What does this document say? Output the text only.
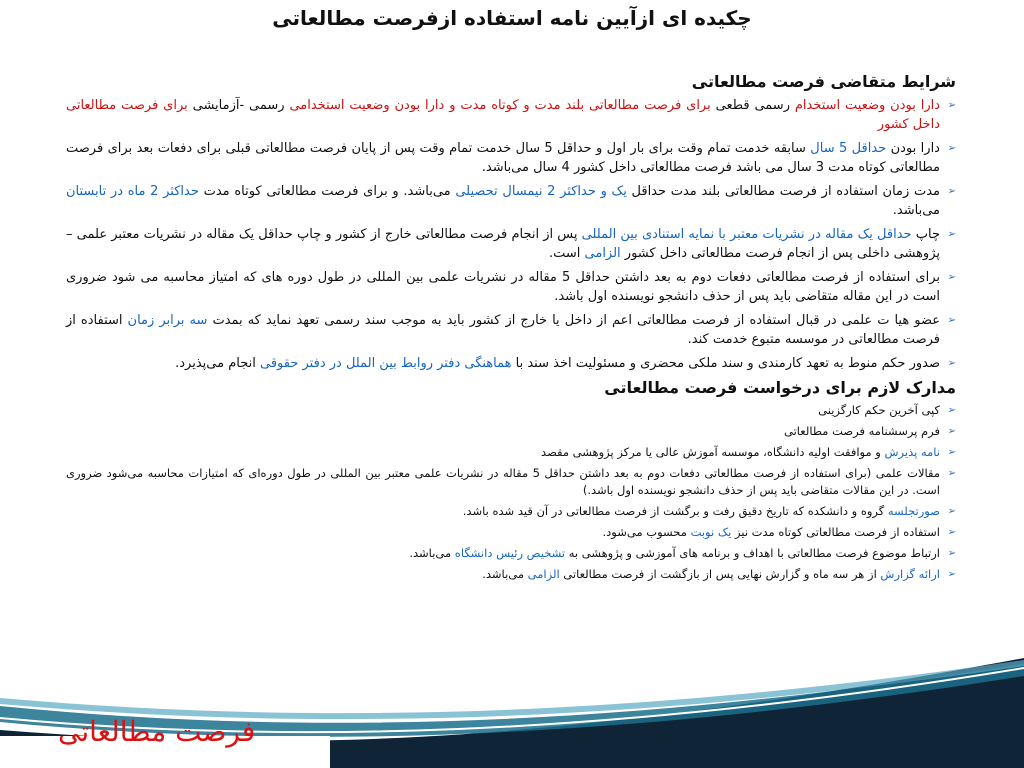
چکیده ای ازآیین نامه استفاده ازفرصت مطالعاتی
شرایط متقاضی فرصت مطالعاتی
➢ دارا بودن وضعیت استخدام رسمی قطعی برای فرصت مطالعاتی بلند مدت و کوتاه مدت و دارا بودن وضعیت استخدامی رسمی -آزمایشی برای فرصت مطالعاتی داخل کشور
➢ دارا بودن حداقل 5 سال سابقه خدمت تمام وقت برای بار اول و حداقل 5 سال خدمت تمام وقت پس از پایان فرصت مطالعاتی قبلی برای دفعات بعد برای فرصت مطالعاتی کوتاه مدت 3 سال می باشد فرصت مطالعاتی داخل کشور 4 سال می‌باشد.
➢ مدت زمان استفاده از فرصت مطالعاتی بلند مدت حداقل یک و حداکثر 2 نیمسال تحصیلی می‌باشد. و برای فرصت مطالعاتی کوتاه مدت حداکثر 2 ماه در تابستان می‌باشد.
➢ چاپ حداقل یک مقاله در نشریات معتبر با نمایه استنادی بین المللی پس از انجام فرصت مطالعاتی خارج از کشور و چاپ حداقل یک مقاله در نشریات معتبر علمی – پژوهشی داخلی پس از انجام فرصت مطالعاتی داخل کشور الزامی است.
➢ برای استفاده از فرصت مطالعاتی دفعات دوم به بعد داشتن حداقل 5 مقاله در نشریات علمی بین المللی در طول دوره های که امتیاز محاسبه می شود ضروری است در این مقاله متقاضی باید پس از حذف دانشجو نویسنده اول باشد.
➢ عضو هیا ت علمی در قبال استفاده از فرصت مطالعاتی اعم از داخل یا خارج از کشور باید به موجب سند رسمی تعهد نماید که بمدت سه برابر زمان استفاده از فرصت مطالعاتی در موسسه متبوع خدمت کند.
➢ صدور حکم منوط به تعهد کارمندی و سند ملکی محضری و مسئولیت اخذ سند با هماهنگی دفتر روابط بین الملل در دفتر حقوقی انجام می‌پذیرد.
مدارک لازم برای درخواست فرصت مطالعاتی
➢ کپی آخرین حکم کارگزینی
➢ فرم پرسشنامه فرصت مطالعاتی
➢ نامه پذیرش و موافقت اولیه دانشگاه، موسسه آموزش عالی یا مرکز پژوهشی مقصد
➢ مقالات علمی (برای استفاده از فرصت مطالعاتی دفعات دوم به بعد داشتن حداقل 5 مقاله در نشریات علمی معتبر بین المللی در طول دوره‌ای که امتیازات محاسبه می‌شود ضروری است. در این مقالات متقاضی باید پس از حذف دانشجو نویسنده اول باشد.)
➢ صورتجلسه گروه و دانشکده که تاریخ دقیق رفت و برگشت از فرصت مطالعاتی در آن قید شده باشد.
➢ استفاده از فرصت مطالعاتی کوتاه مدت نیز یک نوبت محسوب می‌شود.
➢ ارتباط موضوع فرصت مطالعاتی با اهداف و برنامه های آموزشی و پژوهشی به تشخیص رئیس دانشگاه می‌باشد.
➢ ارائه گزارش از هر سه ماه و گزارش نهایی پس از بازگشت از فرصت مطالعاتی الزامی می‌باشد.
فرصت مطالعاتی
